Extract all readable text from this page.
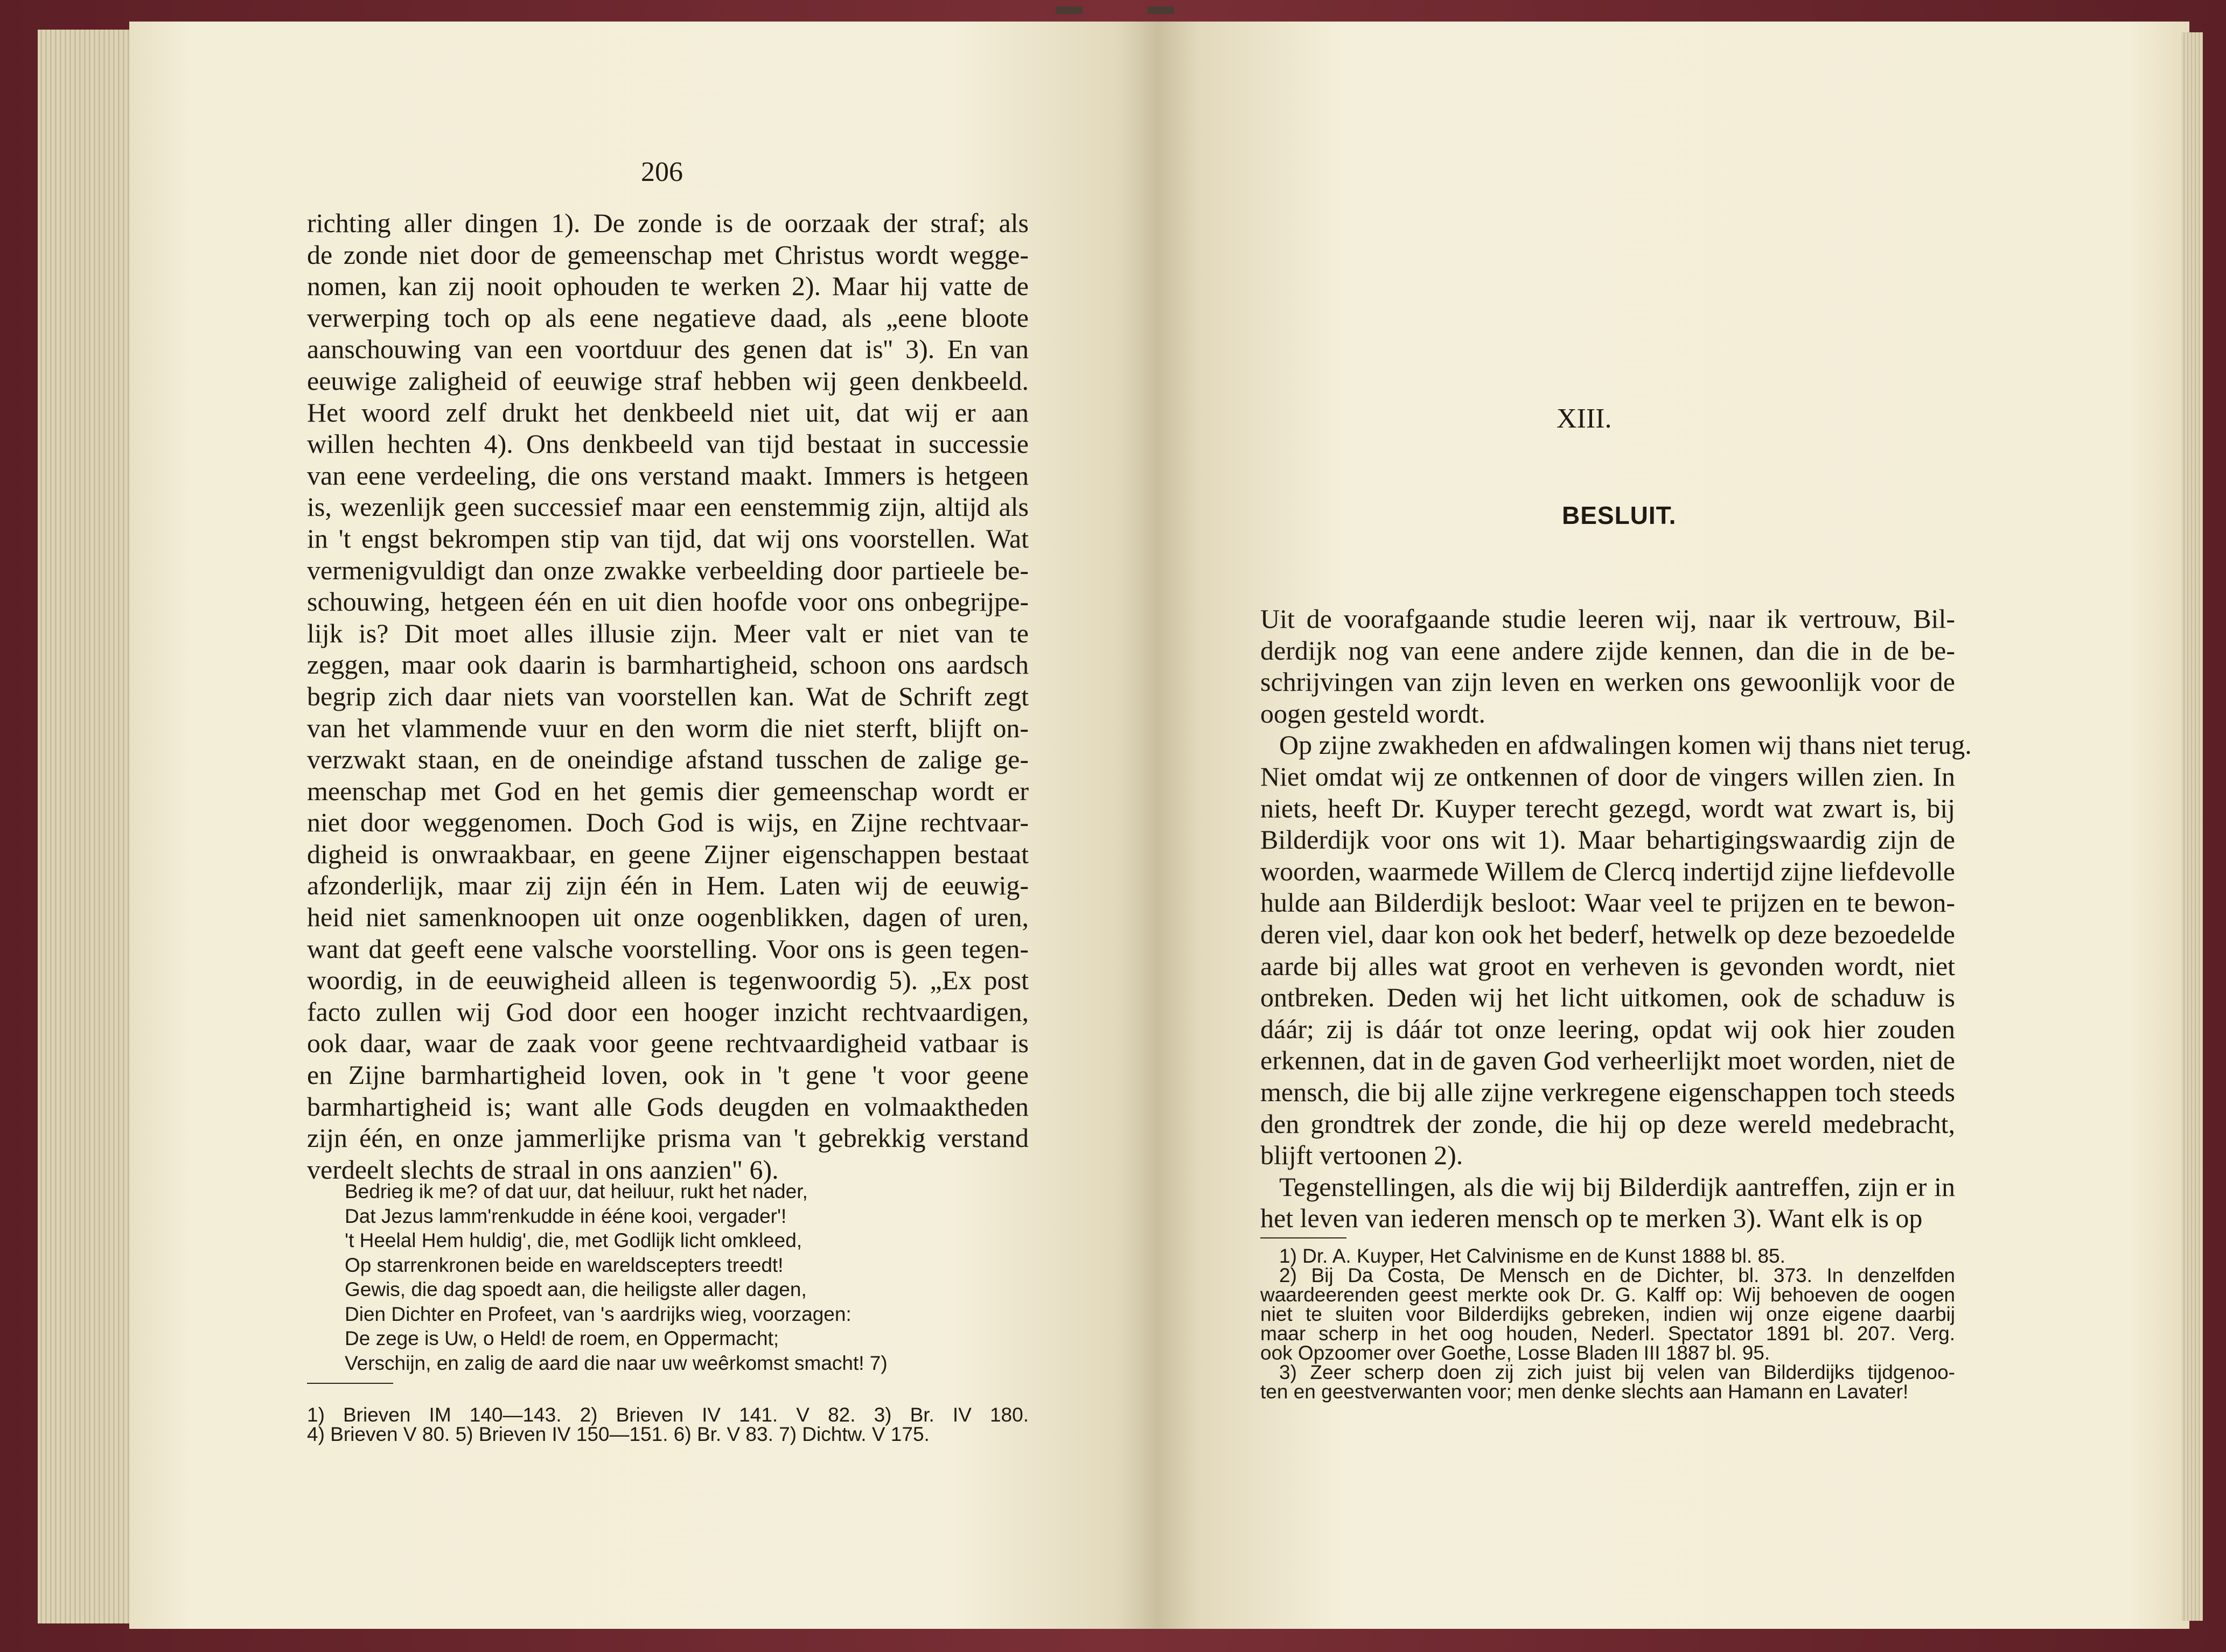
206
richting aller dingen 1). De zonde is de oorzaak der straf; als
de zonde niet door de gemeenschap met Christus wordt wegge-
nomen, kan zij nooit ophouden te werken 2). Maar hij vatte de
verwerping toch op als eene negatieve daad, als „eene bloote
aanschouwing van een voortduur des genen dat is'' 3). En van
eeuwige zaligheid of eeuwige straf hebben wij geen denkbeeld.
Het woord zelf drukt het denkbeeld niet uit, dat wij er aan
willen hechten 4). Ons denkbeeld van tijd bestaat in successie
van eene verdeeling, die ons verstand maakt. Immers is hetgeen
is, wezenlijk geen successief maar een eenstemmig zijn, altijd als
in 't engst bekrompen stip van tijd, dat wij ons voorstellen. Wat
vermenigvuldigt dan onze zwakke verbeelding door partieele be-
schouwing, hetgeen één en uit dien hoofde voor ons onbegrijpe-
lijk is? Dit moet alles illusie zijn. Meer valt er niet van te
zeggen, maar ook daarin is barmhartigheid, schoon ons aardsch
begrip zich daar niets van voorstellen kan. Wat de Schrift zegt
van het vlammende vuur en den worm die niet sterft, blijft on-
verzwakt staan, en de oneindige afstand tusschen de zalige ge-
meenschap met God en het gemis dier gemeenschap wordt er
niet door weggenomen. Doch God is wijs, en Zijne rechtvaar-
digheid is onwraakbaar, en geene Zijner eigenschappen bestaat
afzonderlijk, maar zij zijn één in Hem. Laten wij de eeuwig-
heid niet samenknoopen uit onze oogenblikken, dagen of uren,
want dat geeft eene valsche voorstelling. Voor ons is geen tegen-
woordig, in de eeuwigheid alleen is tegenwoordig 5). „Ex post
facto zullen wij God door een hooger inzicht rechtvaardigen,
ook daar, waar de zaak voor geene rechtvaardigheid vatbaar is
en Zijne barmhartigheid loven, ook in 't gene 't voor geene
barmhartigheid is; want alle Gods deugden en volmaaktheden
zijn één, en onze jammerlijke prisma van 't gebrekkig verstand
verdeelt slechts de straal in ons aanzien" 6).
Bedrieg ik me? of dat uur, dat heiluur, rukt het nader,
Dat Jezus lamm'renkudde in ééne kooi, vergader'!
't Heelal Hem huldig', die, met Godlijk licht omkleed,
Op starrenkronen beide en wareldscepters treedt!
Gewis, die dag spoedt aan, die heiligste aller dagen,
Dien Dichter en Profeet, van 's aardrijks wieg, voorzagen:
De zege is Uw, o Held! de roem, en Oppermacht;
Verschijn, en zalig de aard die naar uw weêrkomst smacht! 7)
1) Brieven IM 140—143. 2) Brieven IV 141. V 82. 3) Br. IV 180.
4) Brieven V 80. 5) Brieven IV 150—151. 6) Br. V 83. 7) Dichtw. V 175.
XIII.
BESLUIT.
Uit de voorafgaande studie leeren wij, naar ik vertrouw, Bil-
derdijk nog van eene andere zijde kennen, dan die in de be-
schrijvingen van zijn leven en werken ons gewoonlijk voor de
oogen gesteld wordt.
Op zijne zwakheden en afdwalingen komen wij thans niet terug.
Niet omdat wij ze ontkennen of door de vingers willen zien. In
niets, heeft Dr. Kuyper terecht gezegd, wordt wat zwart is, bij
Bilderdijk voor ons wit 1). Maar behartigingswaardig zijn de
woorden, waarmede Willem de Clercq indertijd zijne liefdevolle
hulde aan Bilderdijk besloot: Waar veel te prijzen en te bewon-
deren viel, daar kon ook het bederf, hetwelk op deze bezoedelde
aarde bij alles wat groot en verheven is gevonden wordt, niet
ontbreken. Deden wij het licht uitkomen, ook de schaduw is
dáár; zij is dáár tot onze leering, opdat wij ook hier zouden
erkennen, dat in de gaven God verheerlijkt moet worden, niet de
mensch, die bij alle zijne verkregene eigenschappen toch steeds
den grondtrek der zonde, die hij op deze wereld medebracht,
blijft vertoonen 2).
Tegenstellingen, als die wij bij Bilderdijk aantreffen, zijn er in
het leven van iederen mensch op te merken 3). Want elk is op
1) Dr. A. Kuyper, Het Calvinisme en de Kunst 1888 bl. 85.
2) Bij Da Costa, De Mensch en de Dichter, bl. 373. In denzelfden
waardeerenden geest merkte ook Dr. G. Kalff op: Wij behoeven de oogen
niet te sluiten voor Bilderdijks gebreken, indien wij onze eigene daarbij
maar scherp in het oog houden, Nederl. Spectator 1891 bl. 207. Verg.
ook Opzoomer over Goethe, Losse Bladen III 1887 bl. 95.
3) Zeer scherp doen zij zich juist bij velen van Bilderdijks tijdgenoo-
ten en geestverwanten voor; men denke slechts aan Hamann en Lavater!
